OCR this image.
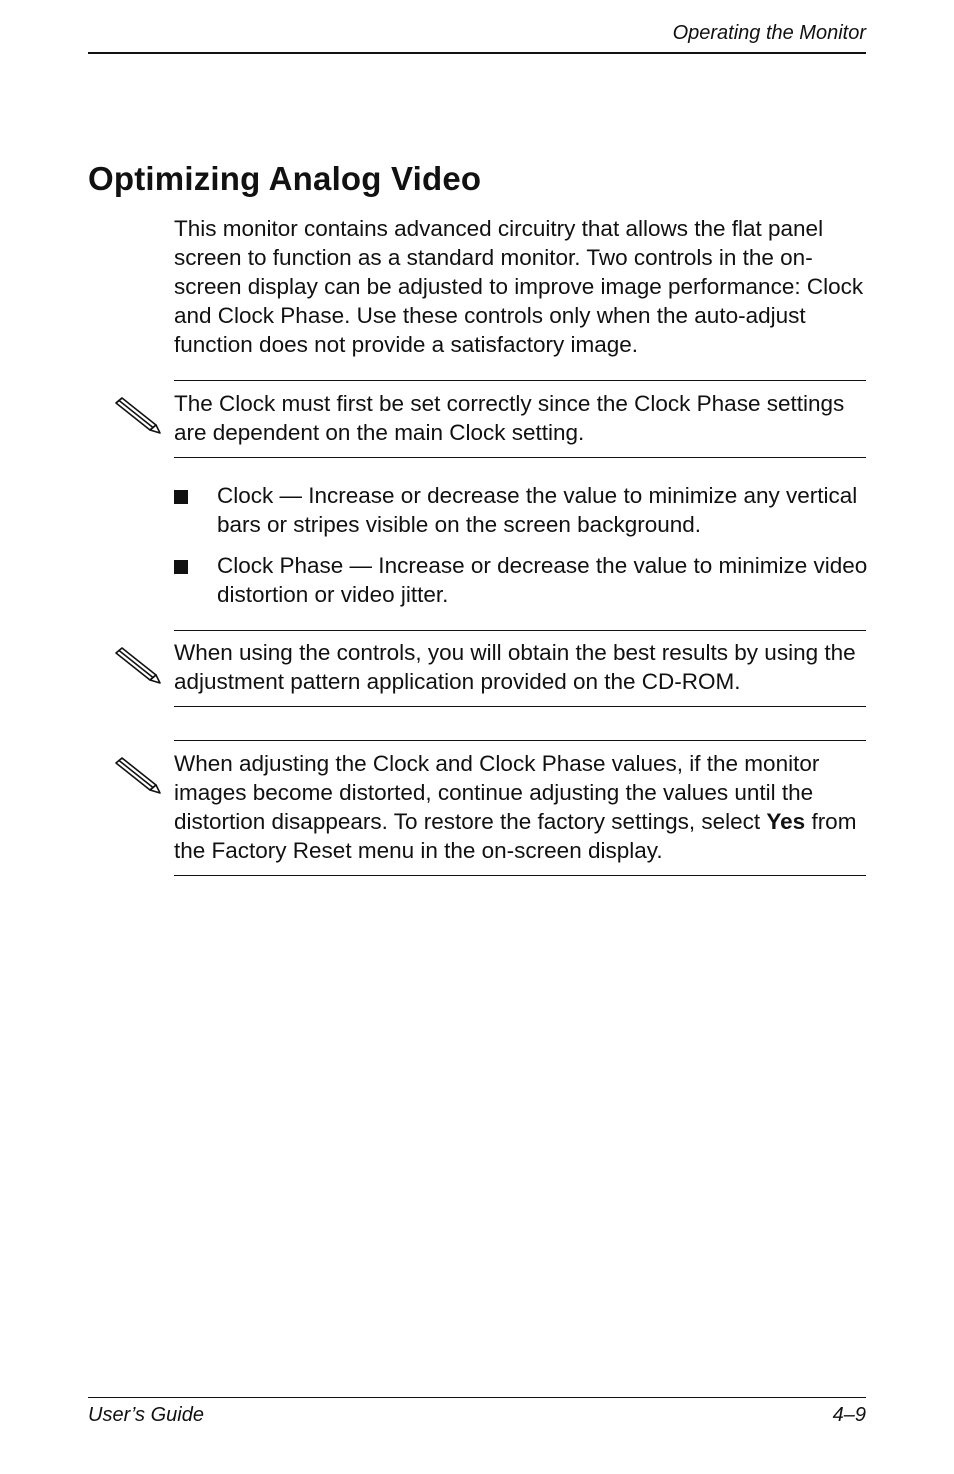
Operating the Monitor
Optimizing Analog Video

This monitor contains advanced circuitry that allows the flat panel screen to function as a standard monitor. Two controls in the on-screen display can be adjusted to improve image performance: Clock and Clock Phase. Use these controls only when the auto-adjust function does not provide a satisfactory image.

The Clock must first be set correctly since the Clock Phase settings are dependent on the main Clock setting.

Clock — Increase or decrease the value to minimize any vertical bars or stripes visible on the screen background.
Clock Phase — Increase or decrease the value to minimize video distortion or video jitter.

When using the controls, you will obtain the best results by using the adjustment pattern application provided on the CD-ROM.

When adjusting the Clock and Clock Phase values, if the monitor images become distorted, continue adjusting the values until the distortion disappears. To restore the factory settings, select Yes from the Factory Reset menu in the on-screen display.

User’s Guide	4–9
